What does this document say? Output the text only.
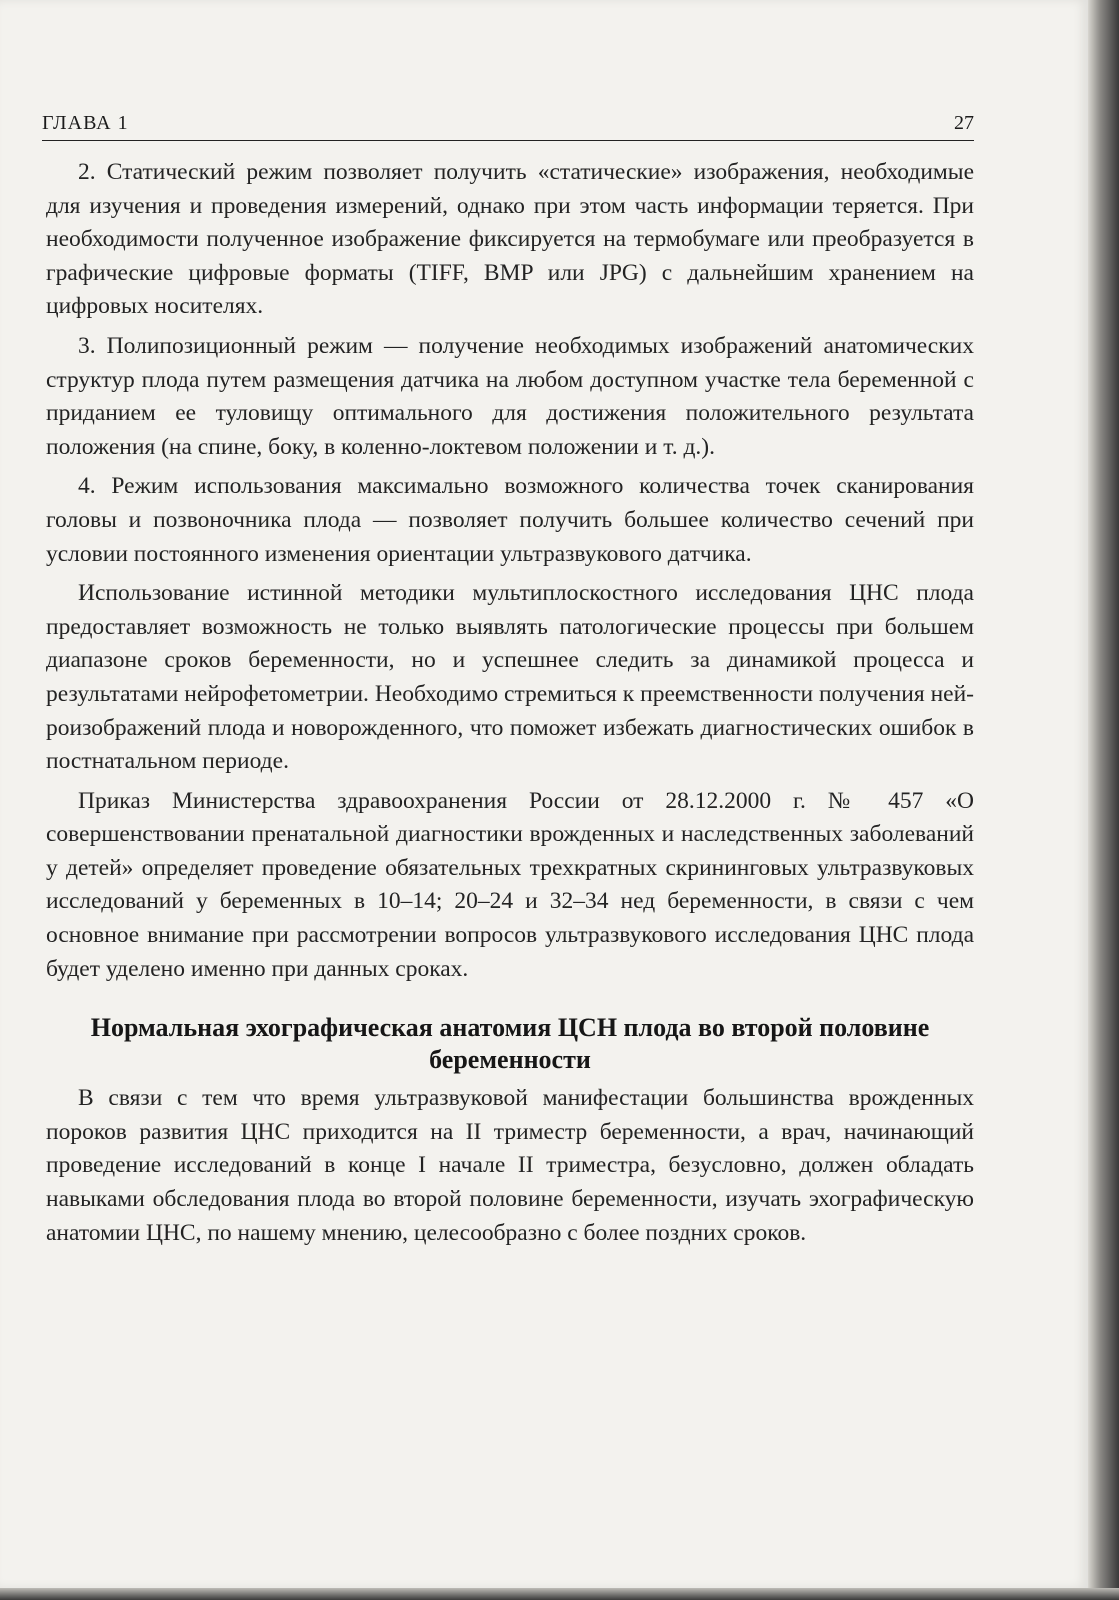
ГЛАВА 1	27

2. Статический режим позволяет получить «статические» изображения, необходимые для изучения и проведения измерений, однако при этом часть информации теряется. При необходимости полученное изображение фиксируется на термобумаге или преобразуется в графические цифровые форматы (TIFF, BMP или JPG) с дальнейшим хранением на цифровых носителях.

3. Полипозиционный режим — получение необходимых изображений анатомических структур плода путем размещения датчика на любом доступном участке тела беременной с приданием ее туловищу оптимального для достижения положительного результата положения (на спине, боку, в коленно-локтевом положении и т. д.).

4. Режим использования максимально возможного количества точек сканирования головы и позвоночника плода — позволяет получить большее количество сечений при условии постоянного изменения ориентации ультразвукового датчика.

Использование истинной методики мультиплоскостного исследования ЦНС плода предоставляет возможность не только выявлять патологические процессы при большем диапазоне сроков беременности, но и успешнее следить за динамикой процесса и результатами нейрофетометрии. Необходимо стремиться к преемственности получения нейроизображений плода и новорожденного, что поможет избежать диагностических ошибок в постнатальном периоде.

Приказ Министерства здравоохранения России от 28.12.2000 г. № 457 «О совершенствовании пренатальной диагностики врожденных и наследственных заболеваний у детей» определяет проведение обязательных трехкратных скрининговых ультразвуковых исследований у беременных в 10–14; 20–24 и 32–34 нед беременности, в связи с чем основное внимание при рассмотрении вопросов ультразвукового исследования ЦНС плода будет уделено именно при данных сроках.

Нормальная эхографическая анатомия ЦСН плода во второй половине беременности

В связи с тем что время ультразвуковой манифестации большинства врожденных пороков развития ЦНС приходится на II триместр беременности, а врач, начинающий проведение исследований в конце I начале II триместра, безусловно, должен обладать навыками обследования плода во второй половине беременности, изучать эхографическую анатомии ЦНС, по нашему мнению, целесообразно с более поздних сроков.
